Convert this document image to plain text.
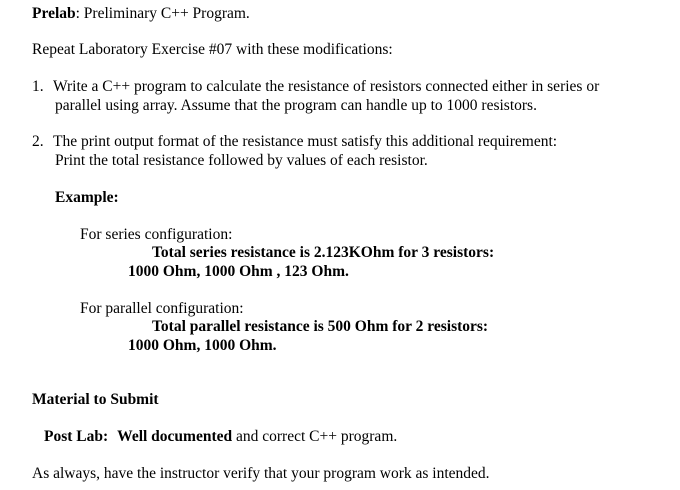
Prelab: Preliminary C++ Program.
Repeat Laboratory Exercise #07 with these modifications:
1. Write a C++ program to calculate the resistance of resistors connected either in series or
parallel using array. Assume that the program can handle up to 1000 resistors.
2. The print output format of the resistance must satisfy this additional requirement:
Print the total resistance followed by values of each resistor.
Example:
For series configuration:
Total series resistance is 2.123KOhm for 3 resistors:
1000 Ohm, 1000 Ohm , 123 Ohm.
For parallel configuration:
Total parallel resistance is 500 Ohm for 2 resistors:
1000 Ohm, 1000 Ohm.
Material to Submit
Post Lab: Well documented and correct C++ program.
As always, have the instructor verify that your program work as intended.
